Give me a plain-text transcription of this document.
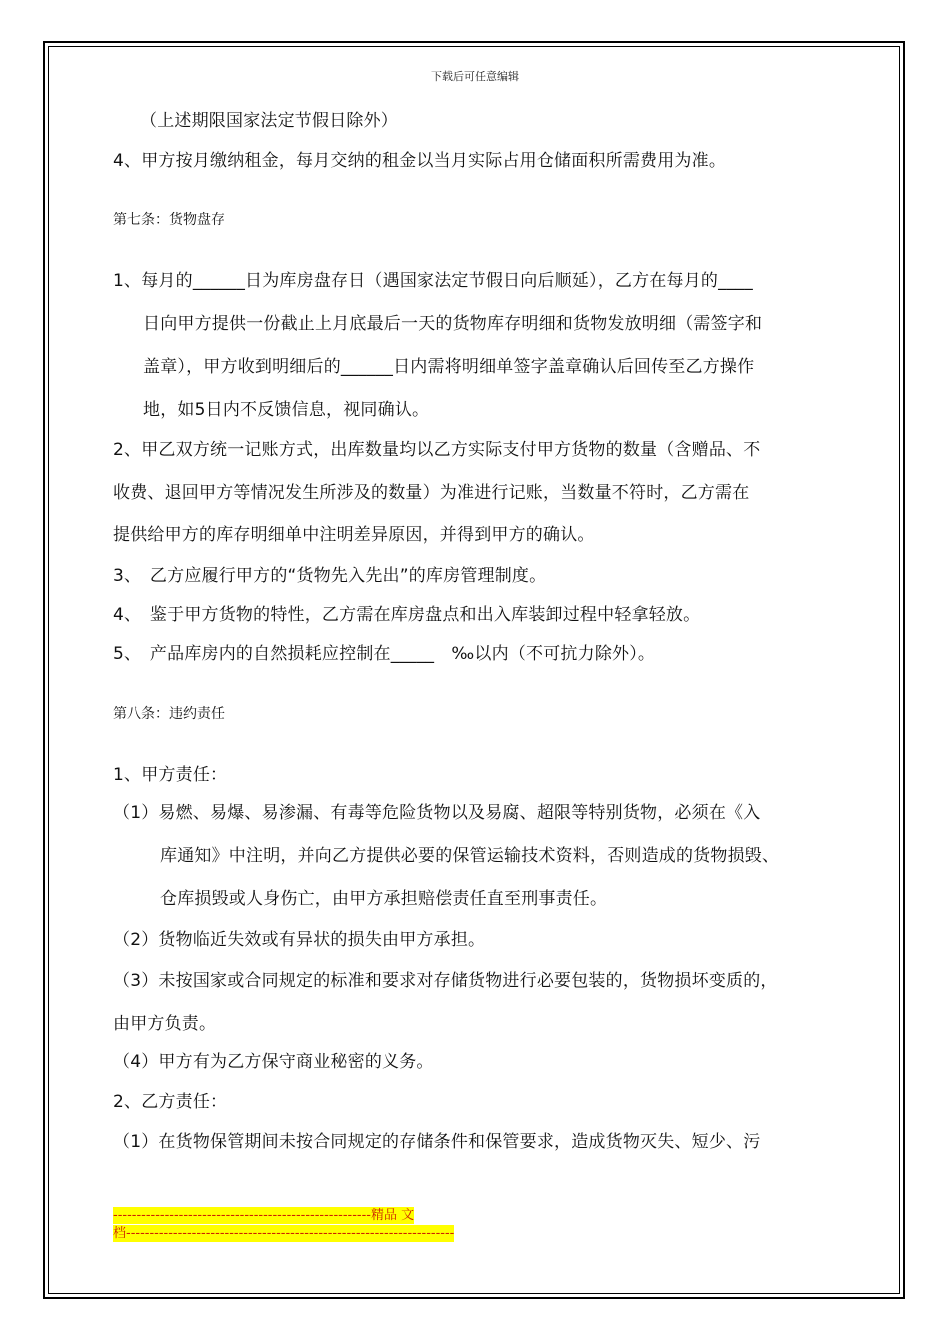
下载后可任意编辑
（上述期限国家法定节假日除外）
4、甲方按月缴纳租金，每月交纳的租金以当月实际占用仓储面积所需费用为准。
第七条：货物盘存
1、每月的______日为库房盘存日（遇国家法定节假日向后顺延），乙方在每月的____
日向甲方提供一份截止上月底最后一天的货物库存明细和货物发放明细（需签字和
盖章），甲方收到明细后的______日内需将明细单签字盖章确认后回传至乙方操作
地，如5日内不反馈信息，视同确认。
2、甲乙双方统一记账方式，出库数量均以乙方实际支付甲方货物的数量（含赠品、不
收费、退回甲方等情况发生所涉及的数量）为准进行记账，当数量不符时，乙方需在
提供给甲方的库存明细单中注明差异原因，并得到甲方的确认。
3、　乙方应履行甲方的“货物先入先出”的库房管理制度。
4、　鉴于甲方货物的特性，乙方需在库房盘点和出入库装卸过程中轻拿轻放。
5、　产品库房内的自然损耗应控制在_____　‰以内（不可抗力除外）。
第八条：违约责任
1、甲方责任：
（1）易燃、易爆、易渗漏、有毒等危险货物以及易腐、超限等特别货物，必须在《入
库通知》中注明，并向乙方提供必要的保管运输技术资料，否则造成的货物损毁、
仓库损毁或人身伤亡，由甲方承担赔偿责任直至刑事责任。
（2）货物临近失效或有异状的损失由甲方承担。
（3）未按国家或合同规定的标准和要求对存储货物进行必要包装的，货物损坏变质的，
由甲方负责。
（4）甲方有为乙方保守商业秘密的义务。
2、乙方责任：
（1）在货物保管期间未按合同规定的存储条件和保管要求，造成货物灭失、短少、污
-------------------------------------------------------精品 文
档----------------------------------------------------------------------
